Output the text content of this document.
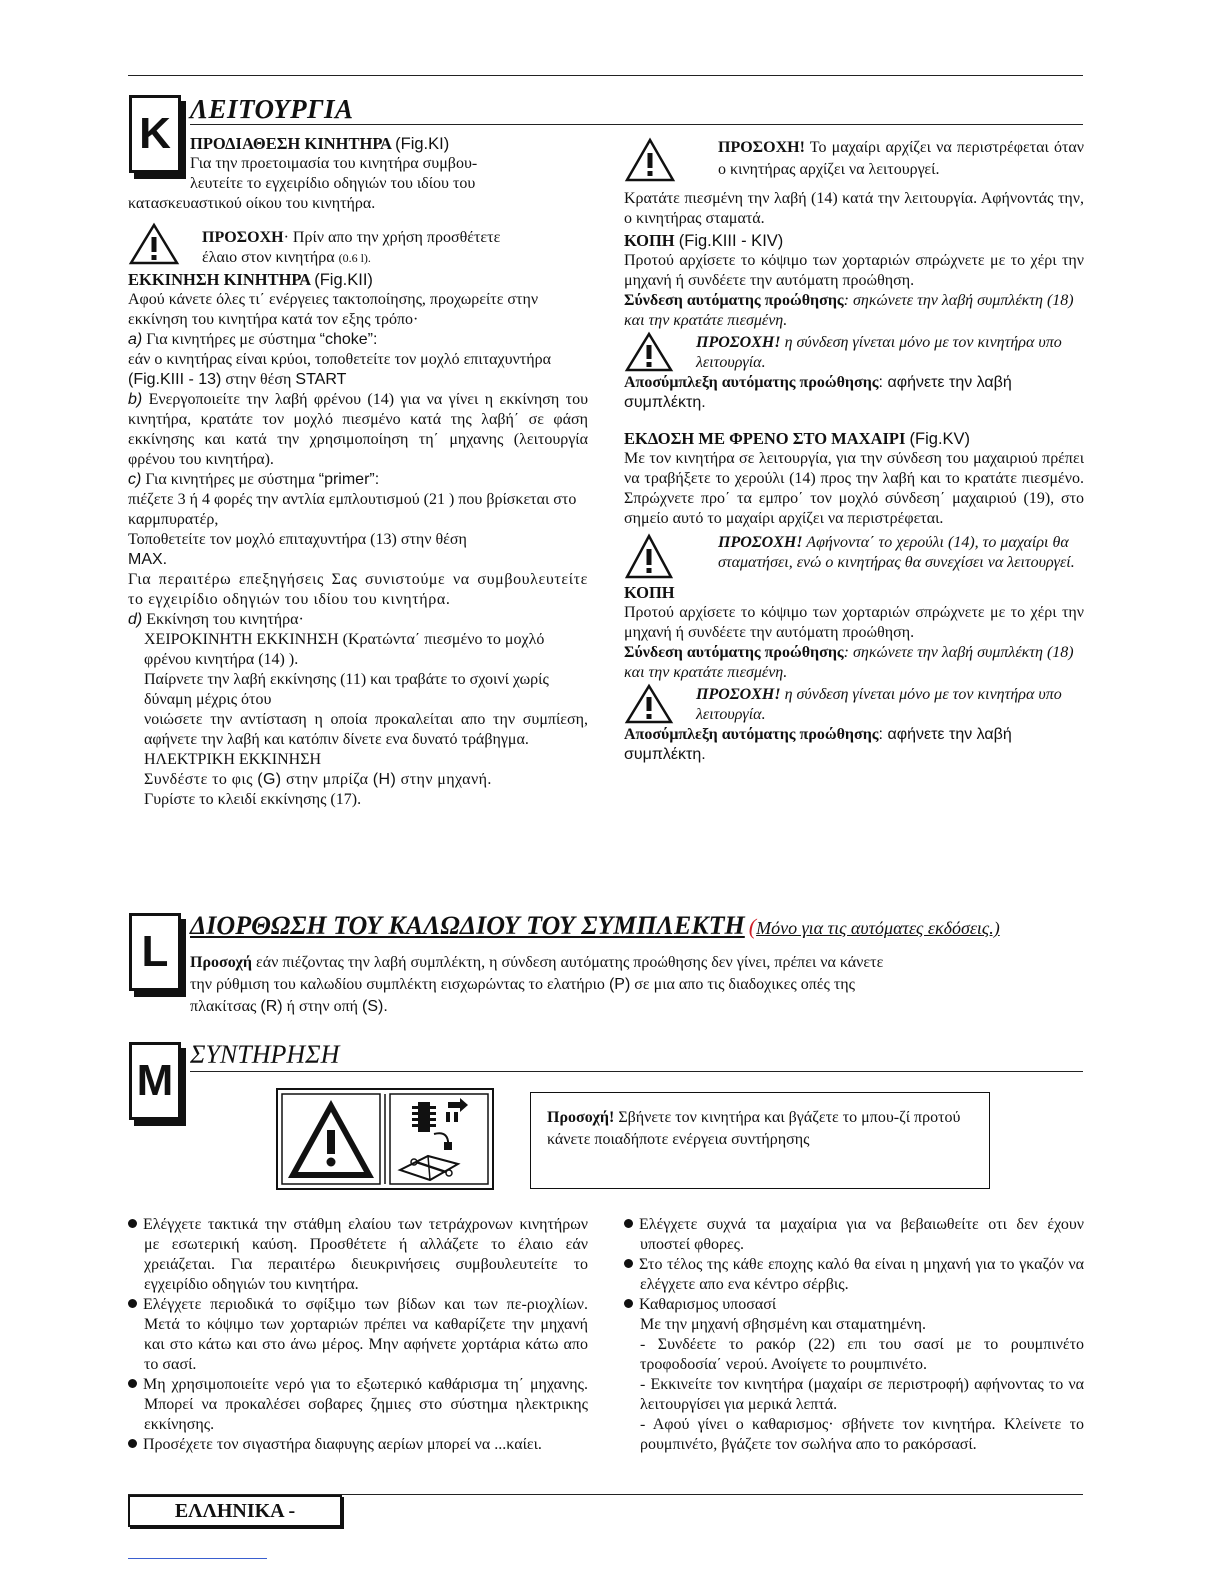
K ΛΕΙΤΟΥΡΓΙΑ

ΠΡΟΔΙΑΘΕΣΗ ΚΙΝΗΤΗΡΑ (Fig.KI)

Για την προετοιμασία του κινητήρα συμβου-

λευτείτε το εγχειρίδιο οδηγιών του ιδίου του

κατασκευαστικού οίκου του κινητήρα.

ΠΡΟΣΟΧΗ· Πρίν απο την χρήση προσθέτετε

έλαιο στον κινητήρα (0.6 l).

ΕΚΚΙΝΗΣΗ ΚΙΝΗΤΗΡΑ (Fig.KII)

Αφού κάνετε όλες τι΄ ενέργειες τακτοποίησης, προχωρείτε στην εκκίνηση του κινητήρα κατά τον εξης τρόπο·

a) Για κινητήρες με σύστημα “choke”:

εάν ο κινητήρας είναι κρύοι, τοποθετείτε τον μοχλό επιταχυντήρα (Fig.KIII - 13) στην θέση START

b) Ενεργοποιείτε την λαβή φρένου (14) για να γίνει η εκκίνηση του κινητήρα, κρατάτε τον μοχλό πιεσμένο κατά της λαβή΄ σε φάση εκκίνησης και κατά την χρησιμοποίηση τη΄ μηχανης (λειτουργία φρένου του κινητήρα).

c) Για κινητήρες με σύστημα “primer”:

πιέζετε 3 ή 4 φορές την αντλία εμπλουτισμού (21 ) που βρίσκεται στο καρμπυρατέρ,

Τοποθετείτε τον μοχλό επιταχυντήρα (13) στην θέση

MAX.

Για περαιτέρω επεξηγήσεις Σας συνιστούμε να συμβουλευτείτε το εγχειρίδιο οδηγιών του ιδίου του κινητήρα.

d) Εκκίνηση του κινητήρα·

ΧΕΙΡΟΚΙΝΗΤΗ ΕΚΚΙΝΗΣΗ (Κρατώντα΄ πιεσμένο το μοχλό φρένου κινητήρα (14) ).

Παίρνετε την λαβή εκκίνησης (11) και τραβάτε το σχοινί χωρίς δύναμη μέχρις ότου

νοιώσετε την αντίσταση η οποία προκαλείται απο την συμπίεση, αφήνετε την λαβή και κατόπιν δίνετε ενα δυνατό τράβηγμα.

ΗΛΕΚΤΡΙΚΗ ΕΚΚΙΝΗΣΗ

Συνδέστε το φις (G) στην μπρίζα (H) στην μηχανή.

Γυρίστε το κλειδί εκκίνησης (17).

ΠΡΟΣΟΧΗ! Το μαχαίρι αρχίζει να περιστρέφεται όταν ο κινητήρας αρχίζει να λειτουργεί.

Κρατάτε πιεσμένη την λαβή (14) κατά την λειτουργία. Αφήνοντάς την, ο κινητήρας σταματά.

ΚΟΠΗ (Fig.KIII - KIV)

Προτού αρχίσετε το κόψιμο των χορταριών σπρώχνετε με το χέρι την μηχανή ή συνδέετε την αυτόματη προώθηση.

Σύνδεση αυτόματης προώθησης: σηκώνετε την λαβή συμπλέκτη (18) και την κρατάτε πιεσμένη.

ΠΡΟΣΟΧΗ! η σύνδεση γίνεται μόνο με τον κινητήρα υπο λειτουργία.

Αποσύμπλεξη αυτόματης προώθησης: αφήνετε την λαβή συμπλέκτη.

ΕΚΔΟΣΗ ΜΕ ΦΡΕΝΟ ΣΤΟ ΜΑΧΑΙΡΙ (Fig.KV)

Με τον κινητήρα σε λειτουργία, για την σύνδεση του μαχαιριού πρέπει να τραβήξετε το χερούλι (14) προς την λαβή και το κρατάτε πιεσμένο. Σπρώχνετε προ΄ τα εμπρο΄ τον μοχλό σύνδεση΄ μαχαιριού (19), στο σημείο αυτό το μαχαίρι αρχίζει να περιστρέφεται.

ΠΡΟΣΟΧΗ! Αφήνοντα΄ το χερούλι (14), το μαχαίρι θα σταματήσει, ενώ ο κινητήρας θα συνεχίσει να λειτουργεί.

ΚΟΠΗ

Προτού αρχίσετε το κόψιμο των χορταριών σπρώχνετε με το χέρι την μηχανή ή συνδέετε την αυτόματη προώθηση.

Σύνδεση αυτόματης προώθησης: σηκώνετε την λαβή συμπλέκτη (18) και την κρατάτε πιεσμένη.

ΠΡΟΣΟΧΗ! η σύνδεση γίνεται μόνο με τον κινητήρα υπο λειτουργία.

Αποσύμπλεξη αυτόματης προώθησης: αφήνετε την λαβή συμπλέκτη.

L
ΔΙΟΡΘΩΣΗ ΤΟΥ ΚΑΛΩΔΙΟΥ ΤΟΥ ΣΥΜΠΛΕΚΤΗ (Μόνο για τις αυτόματες εκδόσεις.)

Προσοχή εάν πιέζοντας την λαβή συμπλέκτη, η σύνδεση αυτόματης προώθησης δεν γίνει, πρέπει να κάνετε

την ρύθμιση του καλωδίου συμπλέκτη εισχωρώντας το ελατήριο (P) σε μια απο τις διαδοχικες οπές της

πλακίτσας (R) ή στην οπή (S).

M
ΣΥΝΤΗΡΗΣΗ

Προσοχή! Σβήνετε τον κινητήρα και βγάζετε το μπου-ζί προτού κάνετε ποιαδήποτε ενέργεια συντήρησης

Ελέγχετε τακτικά την στάθμη ελαίου των τετράχρονων κινητήρων με εσωτερική καύση. Προσθέτετε ή αλλάζετε το έλαιο εάν χρειάζεται. Για περαιτέρω διευκρινήσεις συμβουλευτείτε το εγχειρίδιο οδηγιών του κινητήρα.

Ελέγχετε περιοδικά το σφίξιμο των βίδων και των πε-ριοχλίων. Μετά το κόψιμο των χορταριών πρέπει να καθαρίζετε την μηχανή και στο κάτω και στο άνω μέρος. Μην αφήνετε χορτάρια κάτω απο το σασί.

Μη χρησιμοποιείτε νερό για το εξωτερικό καθάρισμα τη΄ μηχανης. Μπορεί να προκαλέσει σοβαρες ζημιες στο σύστημα ηλεκτρικης εκκίνησης.

Προσέχετε τον σιγαστήρα διαφυγης αερίων μπορεί να ...καίει.

Ελέγχετε συχνά τα μαχαίρια για να βεβαιωθείτε οτι δεν έχουν υποστεί φθορες.

Στο τέλος της κάθε εποχης καλό θα είναι η μηχανή για το γκαζόν να ελέγχετε απο ενα κέντρο σέρβις.

Καθαρισμος υποσασί

Με την μηχανή σβησμένη και σταματημένη.

- Συνδέετε το ρακόρ (22) επι του σασί με το ρουμπινέτο τροφοδοσία΄ νερού. Ανοίγετε το ρουμπινέτο.

- Εκκινείτε τον κινητήρα (μαχαίρι σε περιστροφή) αφήνοντας το να λειτουργίσει για μερικά λεπτά.

- Αφού γίνει ο καθαρισμος· σβήνετε τον κινητήρα. Κλείνετε το ρουμπινέτο, βγάζετε τον σωλήνα απο το ρακόρσασί.

ΕΛΛΗΝΙΚΑ -
